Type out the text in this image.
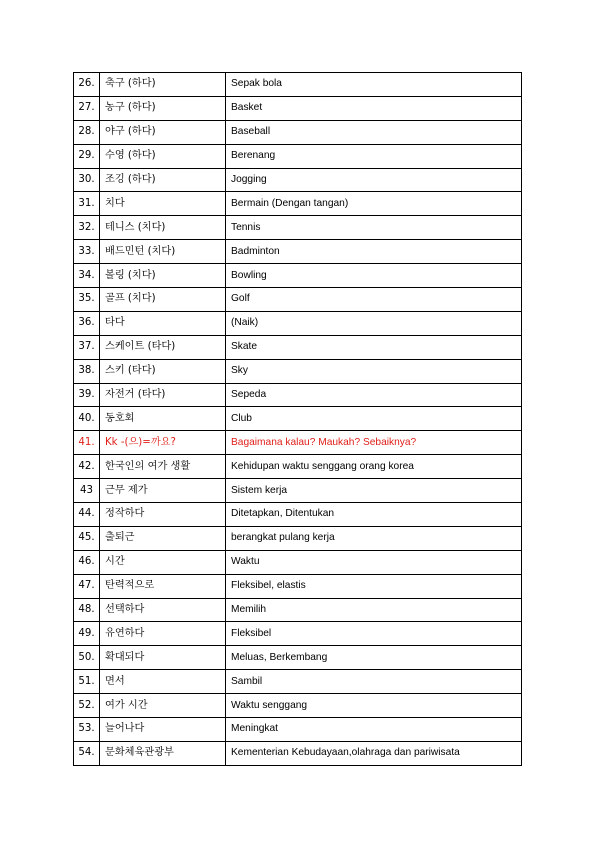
26.	축구 (하다)	Sepak bola
27.	농구 (하다)	Basket
28.	야구 (하다)	Baseball
29.	수영 (하다)	Berenang
30.	조깅 (하다)	Jogging
31.	치다	Bermain (Dengan tangan)
32.	테니스 (치다)	Tennis
33.	배드민턴 (치다)	Badminton
34.	볼링 (치다)	Bowling
35.	골프 (치다)	Golf
36.	타다	(Naik)
37.	스케이트 (타다)	Skate
38.	스키 (타다)	Sky
39.	자전거 (타다)	Sepeda
40.	동호회	Club
41.	Kk -(으)=까요?	Bagaimana kalau? Maukah? Sebaiknya?
42.	한국인의 여가 생활	Kehidupan waktu senggang orang korea
43	근무 제가	Sistem kerja
44.	정작하다	Ditetapkan, Ditentukan
45.	출퇴근	berangkat pulang kerja
46.	시간	Waktu
47.	탄력적으로	Fleksibel, elastis
48.	선택하다	Memilih
49.	유연하다	Fleksibel
50.	확대되다	Meluas, Berkembang
51.	면서	Sambil
52.	여가 시간	Waktu senggang
53.	늘어나다	Meningkat
54.	문화체육관광부	Kementerian Kebudayaan,olahraga dan pariwisata
